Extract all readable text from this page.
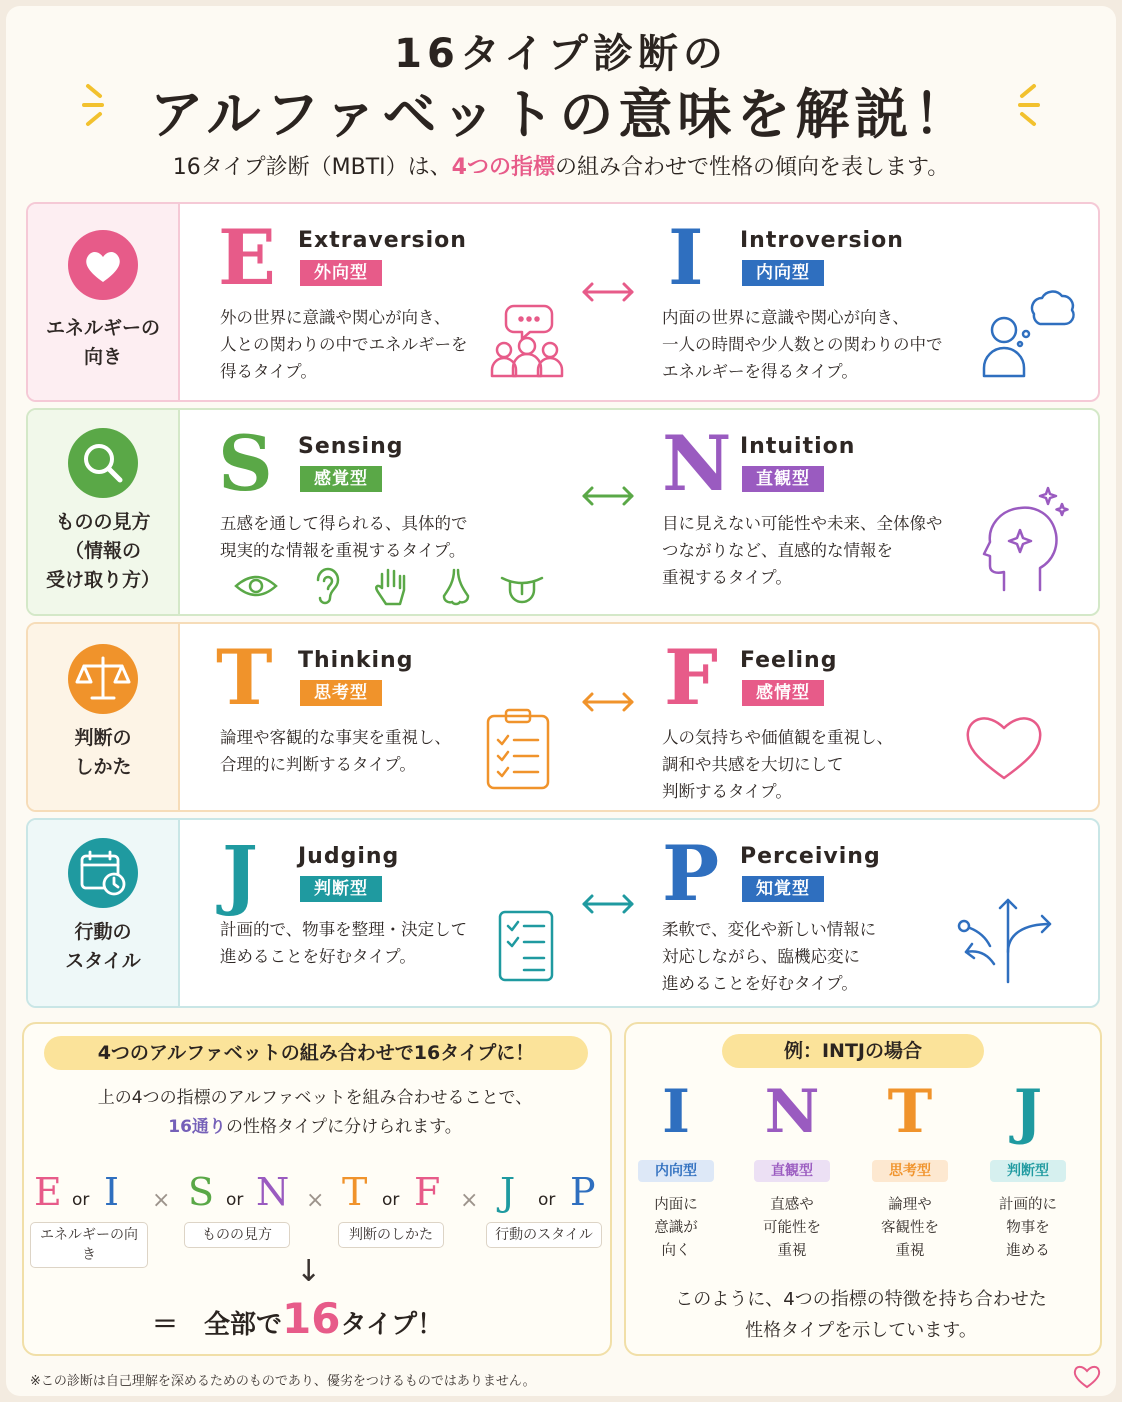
16タイプ診断の
アルファベットの意味を解説！
16タイプ診断（MBTI）は、4つの指標の組み合わせで性格の傾向を表します。
エネルギーの
向き
E Extraversion
外向型
外の世界に意識や関心が向き、
人との関わりの中でエネルギーを
得るタイプ。
I Introversion
内向型
内面の世界に意識や関心が向き、
一人の時間や少人数との関わりの中で
エネルギーを得るタイプ。
ものの見方
（情報の
受け取り方）
S Sensing
感覚型
五感を通して得られる、具体的で
現実的な情報を重視するタイプ。
N Intuition
直観型
目に見えない可能性や未来、全体像や
つながりなど、直感的な情報を
重視するタイプ。
判断の
しかた
T Thinking
思考型
論理や客観的な事実を重視し、
合理的に判断するタイプ。
F Feeling
感情型
人の気持ちや価値観を重視し、
調和や共感を大切にして
判断するタイプ。
行動の
スタイル
J Judging
判断型
計画的で、物事を整理・決定して
進めることを好むタイプ。
P Perceiving
知覚型
柔軟で、変化や新しい情報に
対応しながら、臨機応変に
進めることを好むタイプ。
4つのアルファベットの組み合わせで16タイプに！
上の4つの指標のアルファベットを組み合わせることで、
16通りの性格タイプに分けられます。
E or I
エネルギーの向き
× S or N
ものの見方
× T or F
判断のしかた
× J or P
行動のスタイル
↓
＝　全部で16タイプ！
例：INTJの場合
I
内向型
内面に
意識が
向く
N
直観型
直感や
可能性を
重視
T
思考型
論理や
客観性を
重視
J
判断型
計画的に
物事を
進める
このように、4つの指標の特徴を持ち合わせた
性格タイプを示しています。
※この診断は自己理解を深めるためのものであり、優劣をつけるものではありません。
